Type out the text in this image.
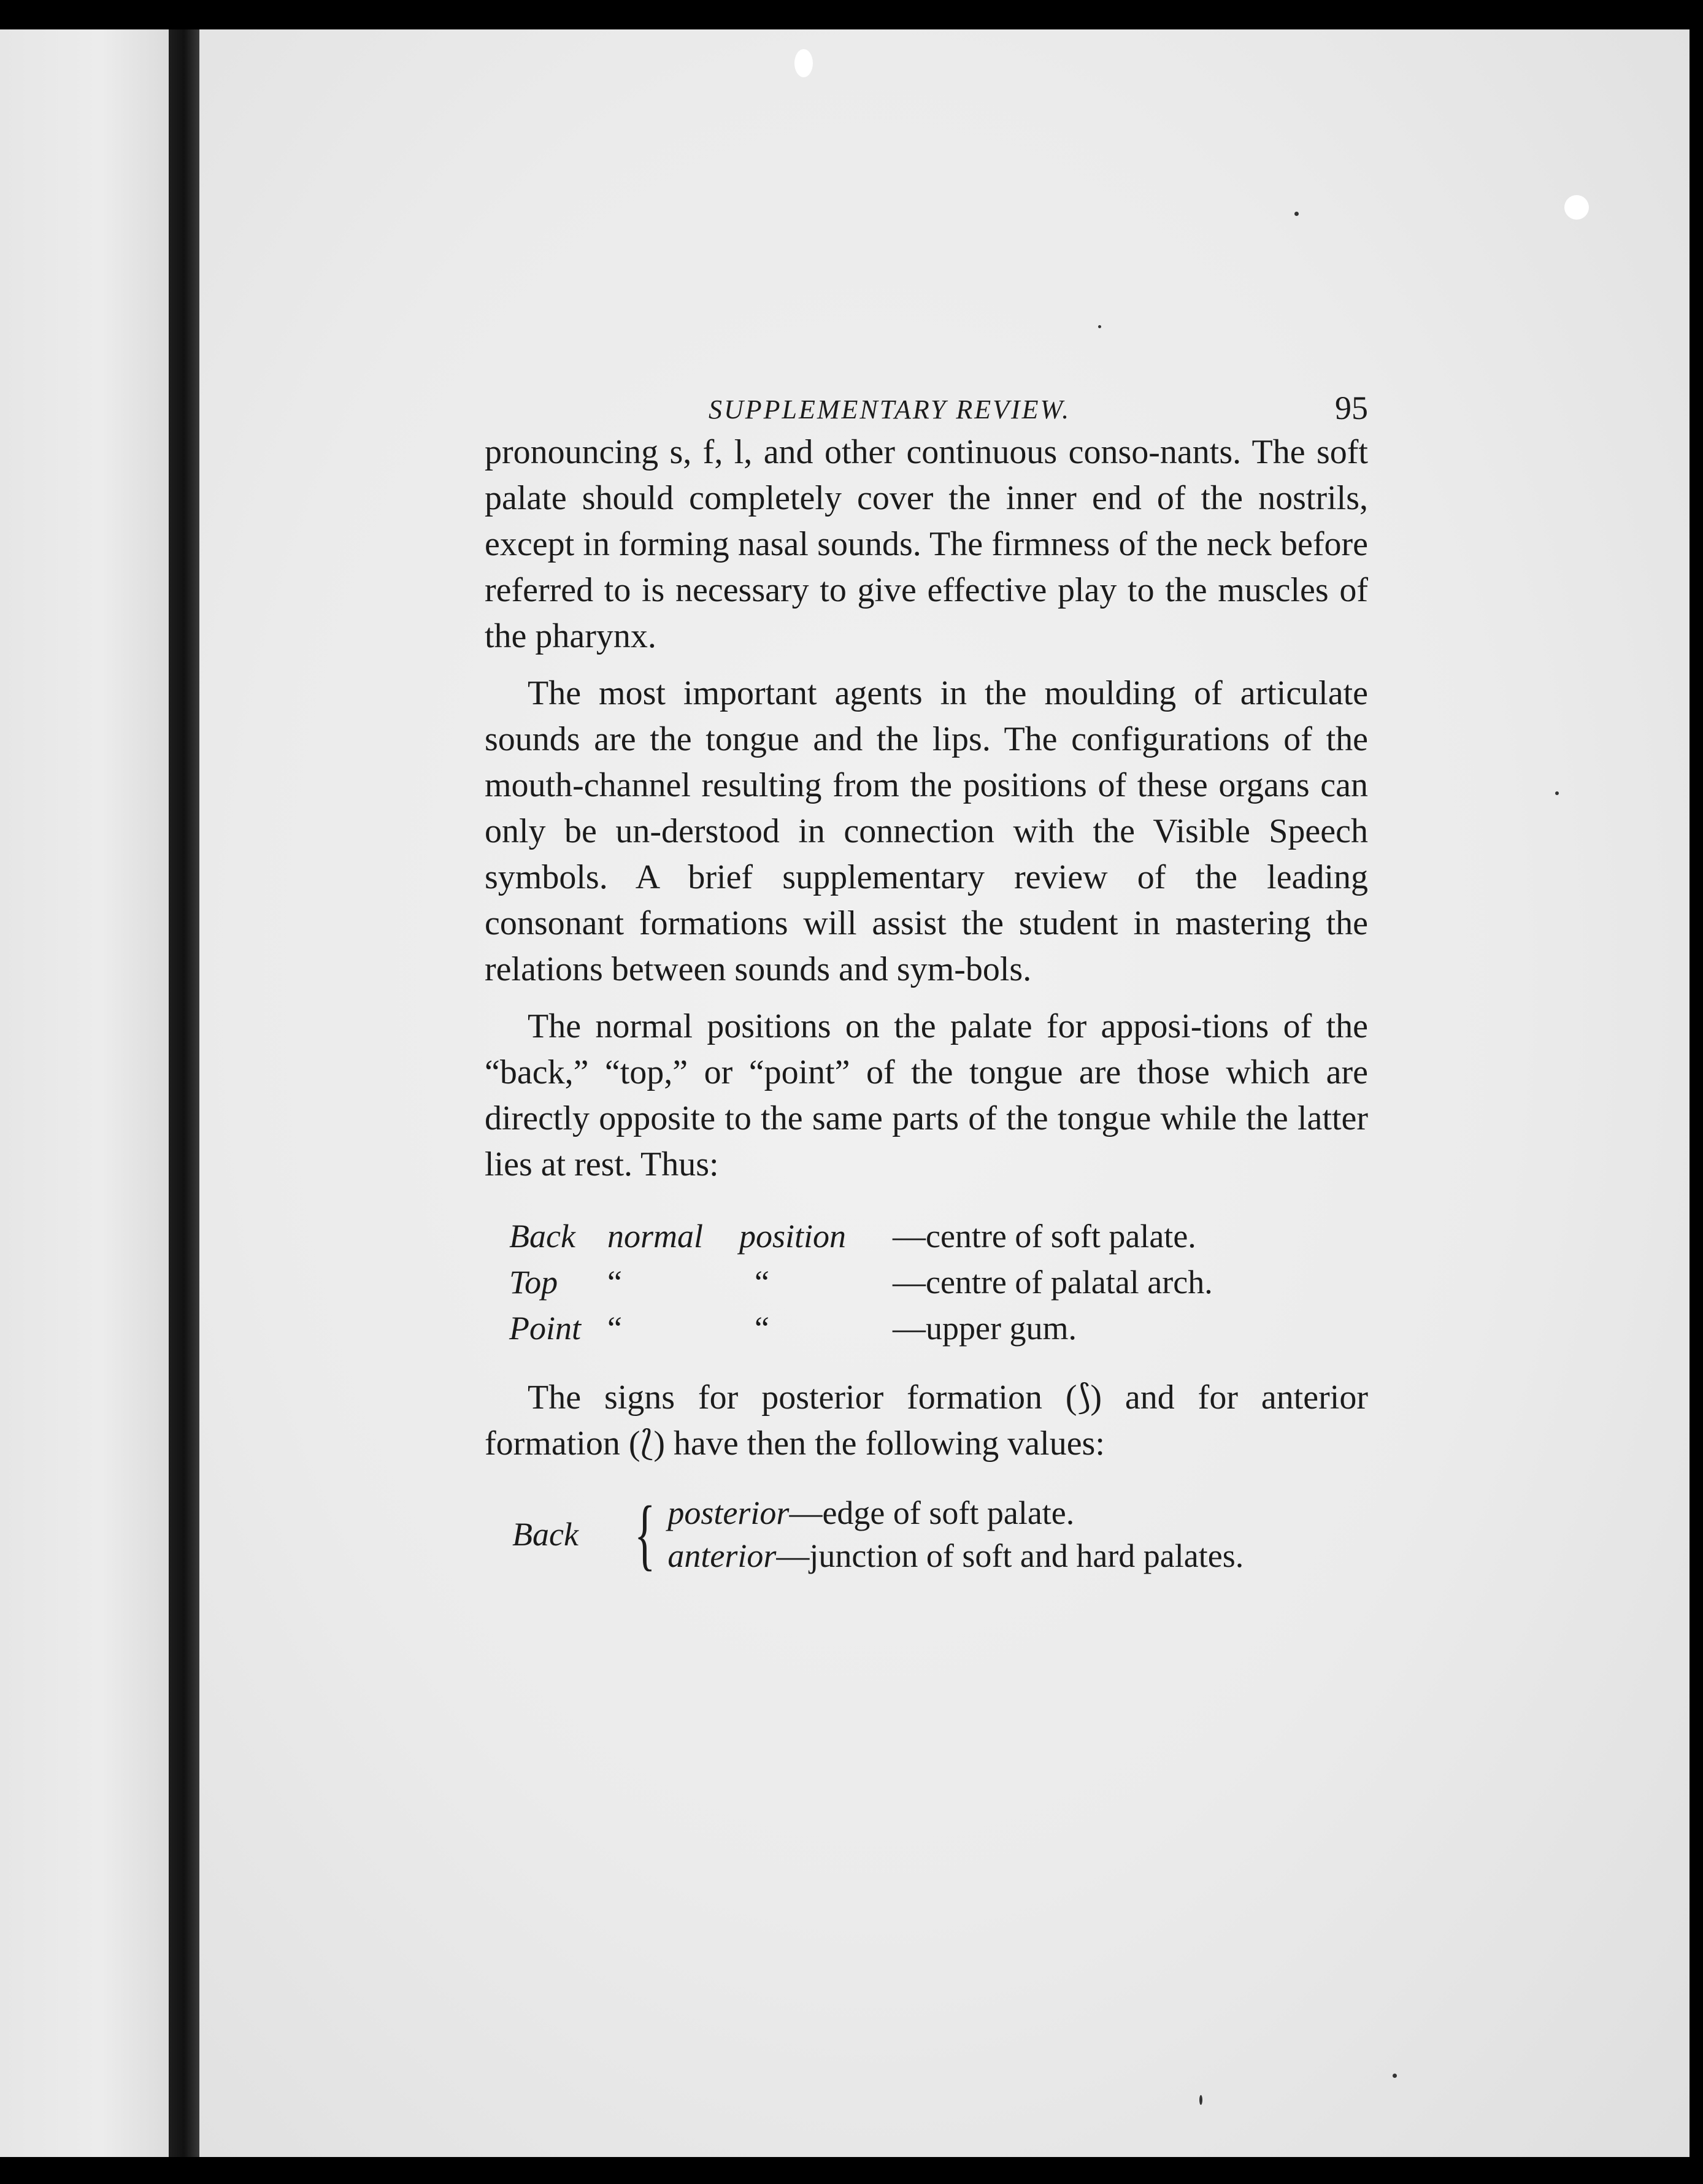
SUPPLEMENTARY REVIEW.	95

pronouncing s, f, l, and other continuous conso-nants. The soft palate should completely cover the inner end of the nostrils, except in forming nasal sounds. The firmness of the neck before referred to is necessary to give effective play to the muscles of the pharynx.

The most important agents in the moulding of articulate sounds are the tongue and the lips. The configurations of the mouth-channel resulting from the positions of these organs can only be un-derstood in connection with the Visible Speech symbols. A brief supplementary review of the leading consonant formations will assist the student in mastering the relations between sounds and sym-bols.

The normal positions on the palate for apposi-tions of the “back,” “top,” or “point” of the tongue are those which are directly opposite to the same parts of the tongue while the latter lies at rest. Thus:

Back normal	position	—centre of soft palate.
Top	“	“	—centre of palatal arch.
Point “	“	—upper gum.

The signs for posterior formation (⟆) and for anterior formation (⟅) have then the following values:

Back { posterior—edge of soft palate.
anterior—junction of soft and hard palates.
